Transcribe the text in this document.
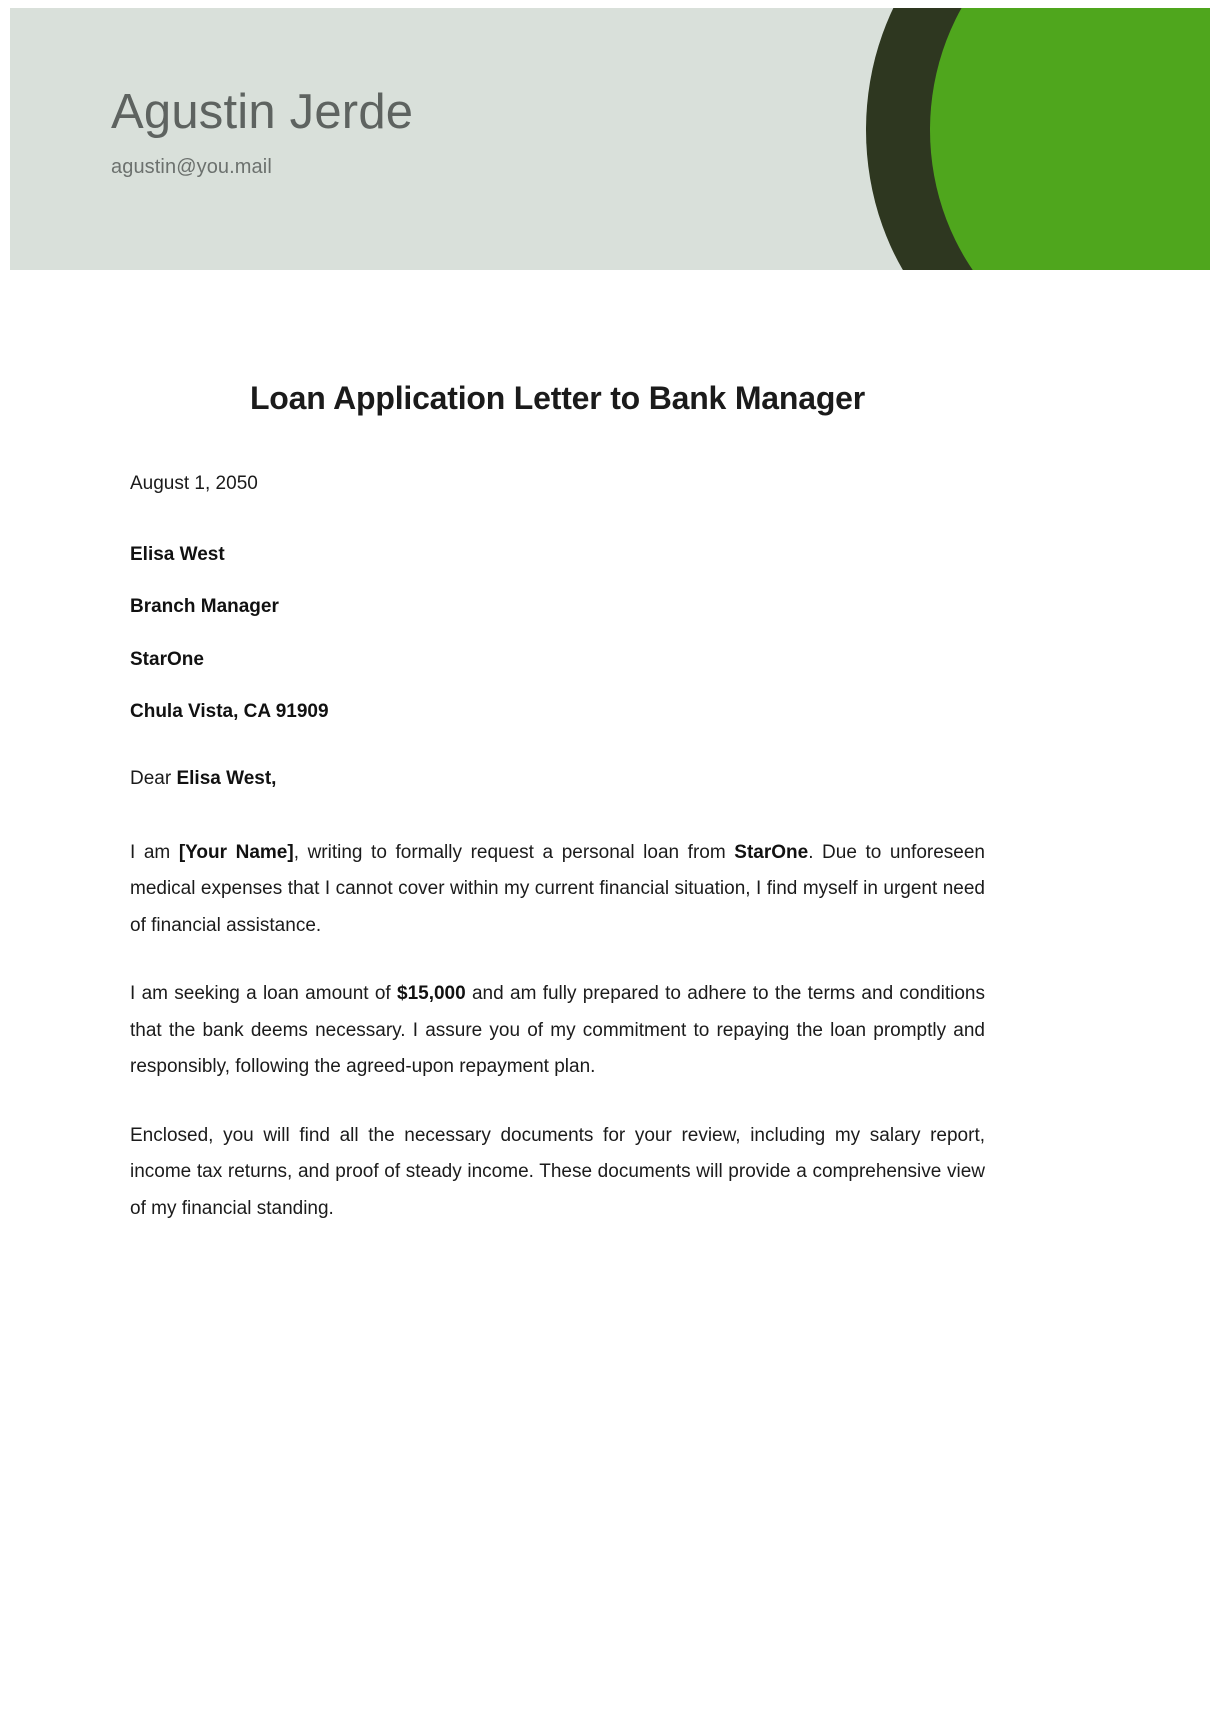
Agustin Jerde
agustin@you.mail
Loan Application Letter to Bank Manager
August 1, 2050
Elisa West
Branch Manager
StarOne
Chula Vista, CA 91909
Dear Elisa West,
I am [Your Name], writing to formally request a personal loan from StarOne. Due to unforeseen medical expenses that I cannot cover within my current financial situation, I find myself in urgent need of financial assistance.
I am seeking a loan amount of $15,000 and am fully prepared to adhere to the terms and conditions that the bank deems necessary. I assure you of my commitment to repaying the loan promptly and responsibly, following the agreed-upon repayment plan.
Enclosed, you will find all the necessary documents for your review, including my salary report, income tax returns, and proof of steady income. These documents will provide a comprehensive view of my financial standing.
